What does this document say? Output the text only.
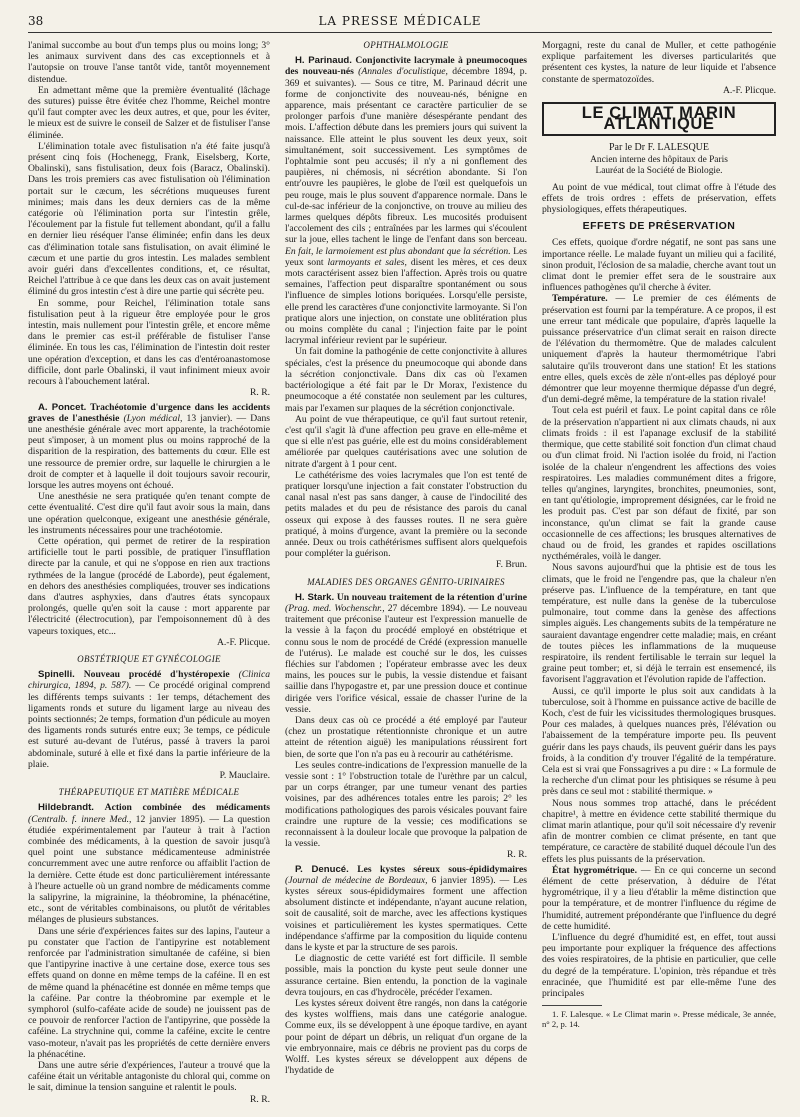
38	LA PRESSE MÉDICALE

l'animal succombe au bout d'un temps plus ou moins long; 3° les animaux survivent dans des cas exceptionnels et à l'autopsie on trouve l'anse tantôt vide, tantôt moyennement distendue.

En admettant même que la première éventualité (lâchage des sutures) puisse être évitée chez l'homme, Reichel montre qu'il faut compter avec les deux autres, et que, pour les éviter, le mieux est de suivre le conseil de Salzer et de fistuliser l'anse éliminée.

L'élimination totale avec fistulisation n'a été faite jusqu'à présent cinq fois (Hochenegg, Frank, Eiselsberg, Korte, Obalinski), sans fistulisation, deux fois (Baracz, Obalinski). Dans les trois premiers cas avec fistulisation où l'élimination portait sur le cæcum, les sécrétions muqueuses furent minimes; mais dans les deux derniers cas de la même catégorie où l'élimination porta sur l'intestin grêle, l'écoulement par la fistule fut tellement abondant, qu'il a fallu en dernier lieu réséquer l'anse éliminée; enfin dans les deux cas d'élimination totale sans fistulisation, on avait éliminé le cæcum et une partie du gros intestin. Les malades semblent avoir guéri dans d'excellentes conditions, et, ce résultat, Reichel l'attribue à ce que dans les deux cas on avait justement éliminé du gros intestin c'est à dire une partie qui sécrète peu.

En somme, pour Reichel, l'élimination totale sans fistulisation peut à la rigueur être employée pour le gros intestin, mais nullement pour l'intestin grêle, et encore même dans le premier cas est-il préférable de fistuliser l'anse éliminée. En tous les cas, l'élimination de l'intestin doit rester une opération d'exception, et dans les cas d'entéroanastomose difficile, dont parle Obalinski, il vaut infiniment mieux avoir recours à l'abouchement latéral.

R. R.

A. Poncet. Trachéotomie d'urgence dans les accidents graves de l'anesthésie (Lyon médical, 13 janvier). — Dans une anesthésie générale avec mort apparente, la trachéotomie peut s'imposer, à un moment plus ou moins rapproché de la disparition de la respiration, des battements du cœur. Elle est une ressource de premier ordre, sur laquelle le chirurgien a le droit de compter et à laquelle il doit toujours savoir recourir, lorsque les autres moyens ont échoué.

Une anesthésie ne sera pratiquée qu'en tenant compte de cette éventualité. C'est dire qu'il faut avoir sous la main, dans une opération quelconque, exigeant une anesthésie générale, les instruments nécessaires pour une trachéotomie.

Cette opération, qui permet de retirer de la respiration artificielle tout le parti possible, de pratiquer l'insufflation directe par la canule, et qui ne s'oppose en rien aux tractions rythmées de la langue (procédé de Laborde), peut également, en dehors des anesthésies compliquées, trouver ses indications dans d'autres asphyxies, dans d'autres états syncopaux prolongés, quelle qu'en soit la cause : mort apparente par l'électricité (électrocution), par l'empoisonnement dû à des vapeurs toxiques, etc...

A.-F. Plicque.
OBSTÉTRIQUE ET GYNÉCOLOGIE

Spinelli. Nouveau procédé d'hystéropexie (Clinica chirurgica, 1894, p. 587). — Ce procédé original comprend les différents temps suivants : 1er temps, détachement des ligaments ronds et suture du ligament large au niveau des points sectionnés; 2e temps, formation d'un pédicule au moyen des ligaments ronds suturés entre eux; 3e temps, ce pédicule est suturé au-devant de l'utérus, passé à travers la paroi abdominale, suturé à elle et fixé dans la partie inférieure de la plaie.

P. Mauclaire.
THÉRAPEUTIQUE ET MATIÈRE MÉDICALE

Hildebrandt. Action combinée des médicaments (Centralb. f. innere Med., 12 janvier 1895). — La question étudiée expérimentalement par l'auteur à trait à l'action combinée des médicaments, à la question de savoir jusqu'à quel point une substance médicamenteuse administrée concurremment avec une autre renforce ou affaiblit l'action de la dernière. Cette étude est donc particulièrement intéressante à l'heure actuelle où un grand nombre de médicaments comme la salipyrine, la migrainine, la théobromine, la phénacétine, etc., sont de véritables combinaisons, ou plutôt de véritables mélanges de plusieurs substances.

Dans une série d'expériences faites sur des lapins, l'auteur a pu constater que l'action de l'antipyrine est notablement renforcée par l'administration simultanée de caféine, si bien que l'antipyrine inactive à une certaine dose, exerce tous ses effets quand on donne en même temps de la caféine. Il en est de même quand la phénacétine est donnée en même temps que la caféine. Par contre la théobromine par exemple et le symphorol (sulfo-caféate acide de soude) ne jouissent pas de ce pouvoir de renforcer l'action de l'antipyrine, que possède la caféine. La strychnine qui, comme la caféine, excite le centre vaso-moteur, n'avait pas les propriétés de cette dernière envers la phénacétine.

Dans une autre série d'expériences, l'auteur a trouvé que la caféine était un véritable antagoniste du chloral qui, comme on le sait, diminue la tension sanguine et ralentit le pouls.

R. R.
OPHTHALMOLOGIE

H. Parinaud. Conjonctivite lacrymale à pneumocoques des nouveau-nés (Annales d'oculistique, décembre 1894, p. 369 et suivantes). — Sous ce titre, M. Parinaud décrit une forme de conjonctivite des nouveau-nés, bénigne en apparence, mais présentant ce caractère particulier de se prolonger parfois d'une manière désespérante pendant des mois. L'affection débute dans les premiers jours qui suivent la naissance. Elle atteint le plus souvent les deux yeux, soit simultanément, soit successivement. Les symptômes de l'ophtalmie sont peu accusés; il n'y a ni gonflement des paupières, ni chémosis, ni sécrétion abondante. Si l'on entr'ouvre les paupières, le globe de l'œil est quelquefois un peu rouge, mais le plus souvent d'apparence normale. Dans le cul-de-sac inférieur de la conjonctive, on trouve au milieu des larmes quelques dépôts fibreux. Les mucosités produisent l'accolement des cils ; entraînées par les larmes qui s'écoulent sur la joue, elles tachent le linge de l'enfant dans son berceau. En fait, le larmoiement est plus abondant que la sécrétion. Les yeux sont larmoyants et sales, disent les mères, et ces deux mots caractérisent assez bien l'affection. Après trois ou quatre semaines, l'affection peut disparaître spontanément ou sous l'influence de simples lotions boriquées. Lorsqu'elle persiste, elle prend les caractères d'une conjonctivite larmoyante. Si l'on pratique alors une injection, on constate une oblitération plus ou moins complète du canal ; l'injection faite par le point lacrymal inférieur revient par le supérieur.

Un fait domine la pathogénie de cette conjonctivite à allures spéciales, c'est la présence du pneumocoque qui abonde dans la sécrétion conjonctivale. Dans dix cas où l'examen bactériologique a été fait par le Dr Morax, l'existence du pneumocoque a été constatée non seulement par les cultures, mais par l'examen sur plaques de la sécrétion conjonctivale.

Au point de vue thérapeutique, ce qu'il faut surtout retenir, c'est qu'il s'agit là d'une affection peu grave en elle-même et que si elle n'est pas guérie, elle est du moins considérablement améliorée par quelques cautérisations avec une solution de nitrate d'argent à 1 pour cent.

Le cathétérisme des voies lacrymales que l'on est tenté de pratiquer lorsqu'une injection a fait constater l'obstruction du canal nasal n'est pas sans danger, à cause de l'indocilité des petits malades et du peu de résistance des parois du canal osseux qui expose à des fausses routes. Il ne sera guère pratiqué, à moins d'urgence, avant la première ou la seconde année. Deux ou trois cathétérismes suffisent alors quelquefois pour compléter la guérison.

F. Brun.
MALADIES DES ORGANES GÉNITO-URINAIRES

H. Stark. Un nouveau traitement de la rétention d'urine (Prag. med. Wochenschr., 27 décembre 1894). — Le nouveau traitement que préconise l'auteur est l'expression manuelle de la vessie à la façon du procédé employé en obstétrique et connu sous le nom de procédé de Crédé (expression manuelle de l'utérus). Le malade est couché sur le dos, les cuisses fléchies sur l'abdomen ; l'opérateur embrasse avec les deux mains, les pouces sur le pubis, la vessie distendue et faisant saillie dans l'hypogastre et, par une pression douce et continue dirigée vers l'orifice vésical, essaie de chasser l'urine de la vessie.

Dans deux cas où ce procédé a été employé par l'auteur (chez un prostatique rétentionniste chronique et un autre atteint de rétention aiguë) les manipulations réussirent fort bien, de sorte que l'on n'a pas eu à recourir au cathétérisme.

Les seules contre-indications de l'expression manuelle de la vessie sont : 1° l'obstruction totale de l'urèthre par un calcul, par un corps étranger, par une tumeur venant des parties voisines, par des adhérences totales entre les parois; 2° les modifications pathologiques des parois vésicales pouvant faire craindre une rupture de la vessie; ces modifications se reconnaissent à la douleur locale que provoque la palpation de la vessie.

R. R.

P. Denucé. Les kystes séreux sous-épididymaires (Journal de médecine de Bordeaux, 6 janvier 1895). — Les kystes séreux sous-épididymaires forment une affection absolument distincte et indépendante, n'ayant aucune relation, soit de causalité, soit de marche, avec les affections kystiques voisines et particulièrement les kystes spermatiques. Cette indépendance s'affirme par la composition du liquide contenu dans le kyste et par la structure de ses parois.

Le diagnostic de cette variété est fort difficile. Il semble possible, mais la ponction du kyste peut seule donner une assurance certaine. Bien entendu, la ponction de la vaginale devra toujours, en cas d'hydrocèle, précéder l'examen.

Les kystes séreux doivent être rangés, non dans la catégorie des kystes wolffiens, mais dans une catégorie analogue. Comme eux, ils se développent à une époque tardive, en ayant pour point de départ un débris, un reliquat d'un organe de la vie embryonnaire, mais ce débris ne provient pas du corps de Wolff. Les kystes séreux se développent aux dépens de l'hydatide de

Morgagni, reste du canal de Muller, et cette pathogénie explique parfaitement les diverses particularités que présentent ces kystes, la nature de leur liquide et l'absence constante de spermatozoïdes.

A.-F. Plicque.
LE CLIMAT MARIN ATLANTIQUE
Par le Dr F. LALESQUE
Ancien interne des hôpitaux de Paris
Lauréat de la Société de Biologie.

Au point de vue médical, tout climat offre à l'étude des effets de trois ordres : effets de préservation, effets physiologiques, effets thérapeutiques.

EFFETS DE PRÉSERVATION

Ces effets, quoique d'ordre négatif, ne sont pas sans une importance réelle. Le malade fuyant un milieu qui a facilité, sinon produit, l'éclosion de sa maladie, cherche avant tout un climat dont le premier effet sera de le soustraire aux influences pathogènes qu'il cherche à éviter.

Température. — Le premier de ces éléments de préservation est fourni par la température. A ce propos, il est une erreur tant médicale que populaire, d'après laquelle la puissance préservatrice d'un climat serait en raison directe de l'élévation du thermomètre. Que de malades calculent uniquement d'après la hauteur thermométrique l'abri salutaire qu'ils trouveront dans une station! Et les stations entre elles, quels excès de zèle n'ont-elles pas déployé pour démontrer que leur moyenne thermique dépasse d'un degré, d'un demi-degré même, la température de la station rivale!

Tout cela est puéril et faux. Le point capital dans ce rôle de la préservation n'appartient ni aux climats chauds, ni aux climats froids : il est l'apanage exclusif de la stabilité thermique, que cette stabilité soit fonction d'un climat chaud ou d'un climat froid. Ni l'action isolée du froid, ni l'action isolée de la chaleur n'engendrent les affections des voies respiratoires. Les maladies communément dites a frigore, telles qu'angines, laryngites, bronchites, pneumonies, sont, en tant qu'étiologie, improprement désignées, car le froid ne les produit pas. C'est par son défaut de fixité, par son inconstance, qu'un climat se fait la grande cause occasionnelle de ces affections; les brusques alternatives de chaud ou de froid, les grandes et rapides oscillations nycthémérales, voilà le danger.

Nous savons aujourd'hui que la phtisie est de tous les climats, que le froid ne l'engendre pas, que la chaleur n'en préserve pas. L'influence de la température, en tant que température, est nulle dans la genèse de la tuberculose pulmonaire, tout comme dans la genèse des affections simples aiguës. Les changements subits de la température ne sauraient davantage engendrer cette maladie; mais, en créant de toutes pièces les inflammations de la muqueuse respiratoire, ils rendent fertilisable le terrain sur lequel la graine peut tomber; et, si déjà le terrain est ensemencé, ils favorisent l'aggravation et l'évolution rapide de l'affection.

Aussi, ce qu'il importe le plus soit aux candidats à la tuberculose, soit à l'homme en puissance active de bacille de Koch, c'est de fuir les vicissitudes thermologiques brusques. Pour ces malades, à quelques nuances près, l'élévation ou l'abaissement de la température importe peu. Ils peuvent guérir dans les pays chauds, ils peuvent guérir dans les pays froids, à la condition d'y trouver l'égalité de la température. Cela est si vrai que Fonssagrives a pu dire : « La formule de la recherche d'un climat pour les phtisiques se résume à peu près dans ce seul mot : stabilité thermique. »

Nous nous sommes trop attaché, dans le précédent chapitre¹, à mettre en évidence cette stabilité thermique du climat marin atlantique, pour qu'il soit nécessaire d'y revenir afin de montrer combien ce climat présente, en tant que température, ce caractère de stabilité duquel découle l'un des effets les plus puissants de la préservation.

État hygrométrique. — En ce qui concerne un second élément de cette préservation, à déduire de l'état hygrométrique, il y a lieu d'établir la même distinction que pour la température, et de montrer l'influence du régime de l'humidité, autrement prépondérante que l'influence du degré de cette humidité.

L'influence du degré d'humidité est, en effet, tout aussi peu importante pour expliquer la fréquence des affections des voies respiratoires, de la phtisie en particulier, que celle du degré de la température. L'opinion, très répandue et très enracinée, que l'humidité est par elle-même l'une des principales

1. F. Lalesque. « Le Climat marin ». Presse médicale, 3e année, n° 2, p. 14.
